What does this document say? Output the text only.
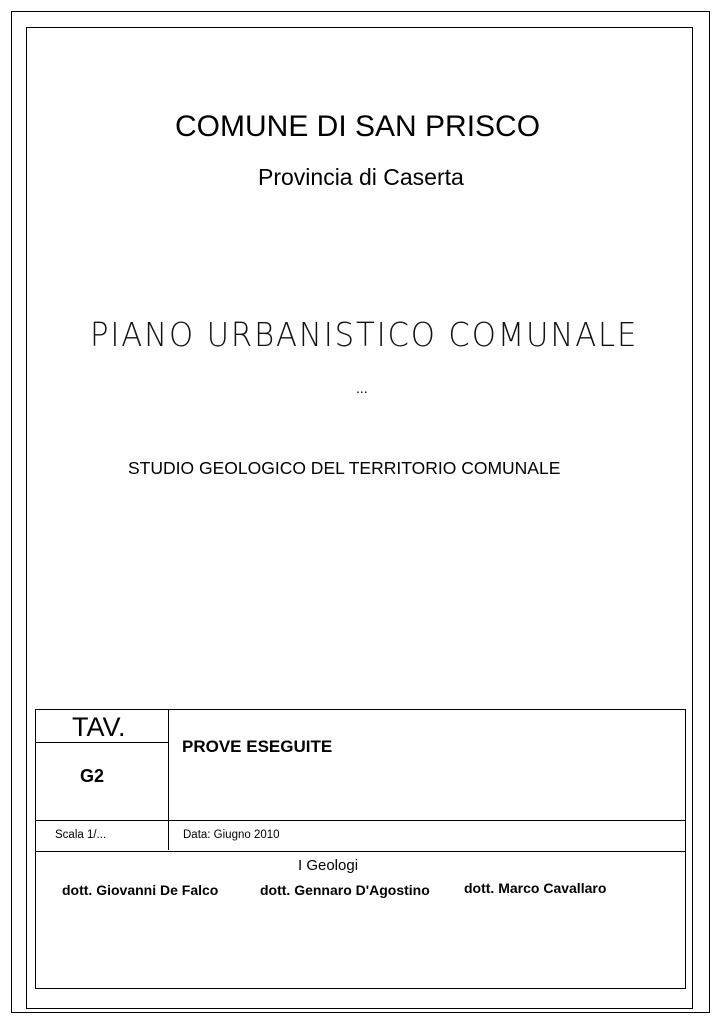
COMUNE DI SAN PRISCO
Provincia di Caserta
PIANO URBANISTICO COMUNALE
...
STUDIO GEOLOGICO DEL TERRITORIO COMUNALE
TAV.
G2
PROVE ESEGUITE
Scala 1/...	Data: Giugno 2010
I Geologi
dott. Giovanni De Falco	dott. Gennaro D'Agostino dott. Marco Cavallaro
